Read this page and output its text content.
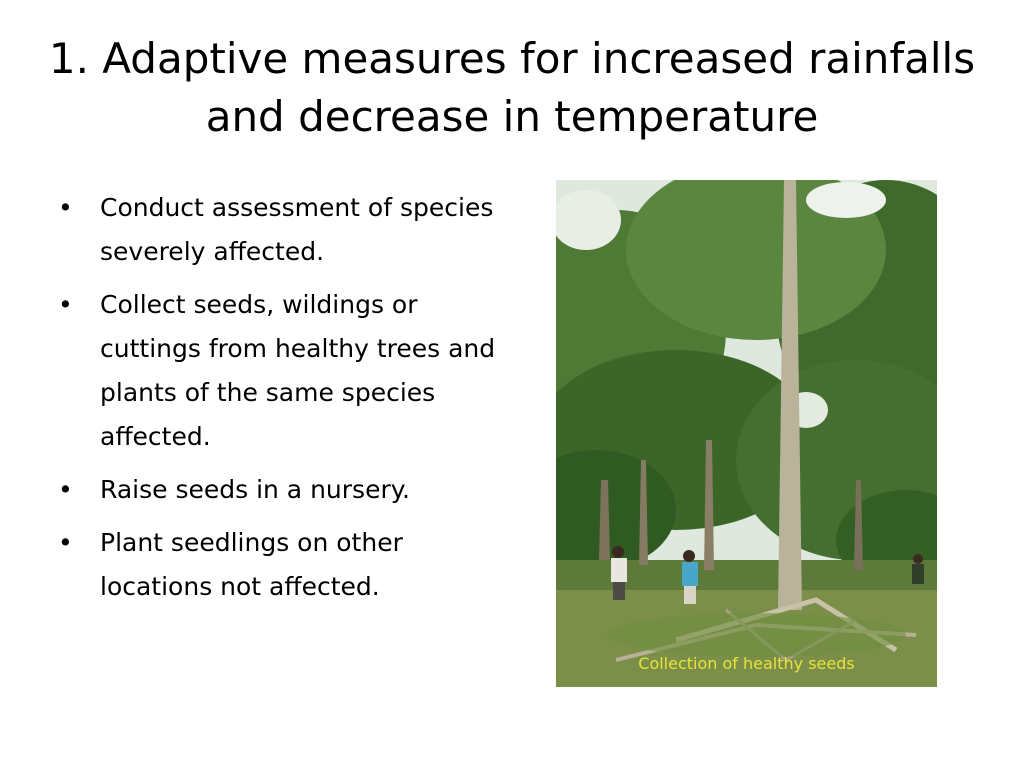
1. Adaptive measures for increased rainfalls and decrease in temperature
•	Conduct assessment of species severely affected.
•	Collect seeds, wildings or cuttings from healthy trees and plants of the same species affected.
•	Raise seeds in a nursery.
•	Plant seedlings on other locations not affected.
Collection of healthy seeds
